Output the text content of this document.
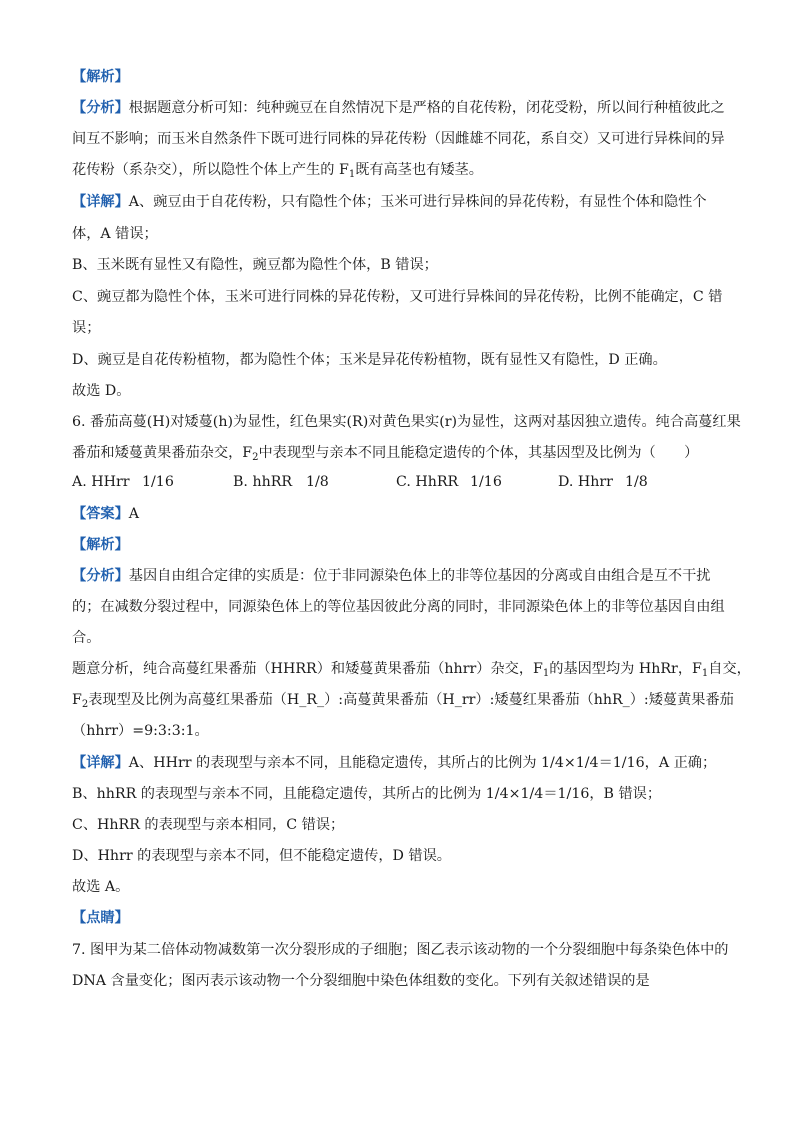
【解析】
【分析】根据题意分析可知：纯种豌豆在自然情况下是严格的自花传粉，闭花受粉，所以间行种植彼此之
间互不影响；而玉米自然条件下既可进行同株的异花传粉（因雌雄不同花，系自交）又可进行异株间的异
花传粉（系杂交），所以隐性个体上产生的 $F_1$既有高茎也有矮茎。
【详解】A、豌豆由于自花传粉，只有隐性个体；玉米可进行异株间的异花传粉，有显性个体和隐性个
体，A 错误；
B、玉米既有显性又有隐性，豌豆都为隐性个体，B 错误；
C、豌豆都为隐性个体，玉米可进行同株的异花传粉，又可进行异株间的异花传粉，比例不能确定，C 错
误；
D、豌豆是自花传粉植物，都为隐性个体；玉米是异花传粉植物，既有显性又有隐性，D 正确。
故选 D。
6. 番茄高蔓(H)对矮蔓(h)为显性，红色果实(R)对黄色果实(r)为显性，这两对基因独立遗传。纯合高蔓红果
番茄和矮蔓黄果番茄杂交，$F_2$中表现型与亲本不同且能稳定遗传的个体，其基因型及比例为（　　）
A. HHrr 1/16	B. hhRR 1/8	C. HhRR 1/16	D. Hhrr 1/8
【答案】A
【解析】
【分析】基因自由组合定律的实质是：位于非同源染色体上的非等位基因的分离或自由组合是互不干扰
的；在减数分裂过程中，同源染色体上的等位基因彼此分离的同时，非同源染色体上的非等位基因自由组
合。
题意分析，纯合高蔓红果番茄（HHRR）和矮蔓黄果番茄（hhrr）杂交，$F_1$的基因型均为 HhRr，$F_1$自交，
$F_2$表现型及比例为高蔓红果番茄（H_R_）:高蔓黄果番茄（H_rr）:矮蔓红果番茄（hhR_）:矮蔓黄果番茄
（hhrr）=9:3:3:1。
【详解】A、HHrr 的表现型与亲本不同，且能稳定遗传，其所占的比例为 1/4×1/4＝1/16，A 正确；
B、hhRR 的表现型与亲本不同，且能稳定遗传，其所占的比例为 1/4×1/4＝1/16，B 错误；
C、HhRR 的表现型与亲本相同，C 错误；
D、Hhrr 的表现型与亲本不同，但不能稳定遗传，D 错误。
故选 A。
【点睛】
7. 图甲为某二倍体动物减数第一次分裂形成的子细胞；图乙表示该动物的一个分裂细胞中每条染色体中的
DNA 含量变化；图丙表示该动物一个分裂细胞中染色体组数的变化。下列有关叙述错误的是
